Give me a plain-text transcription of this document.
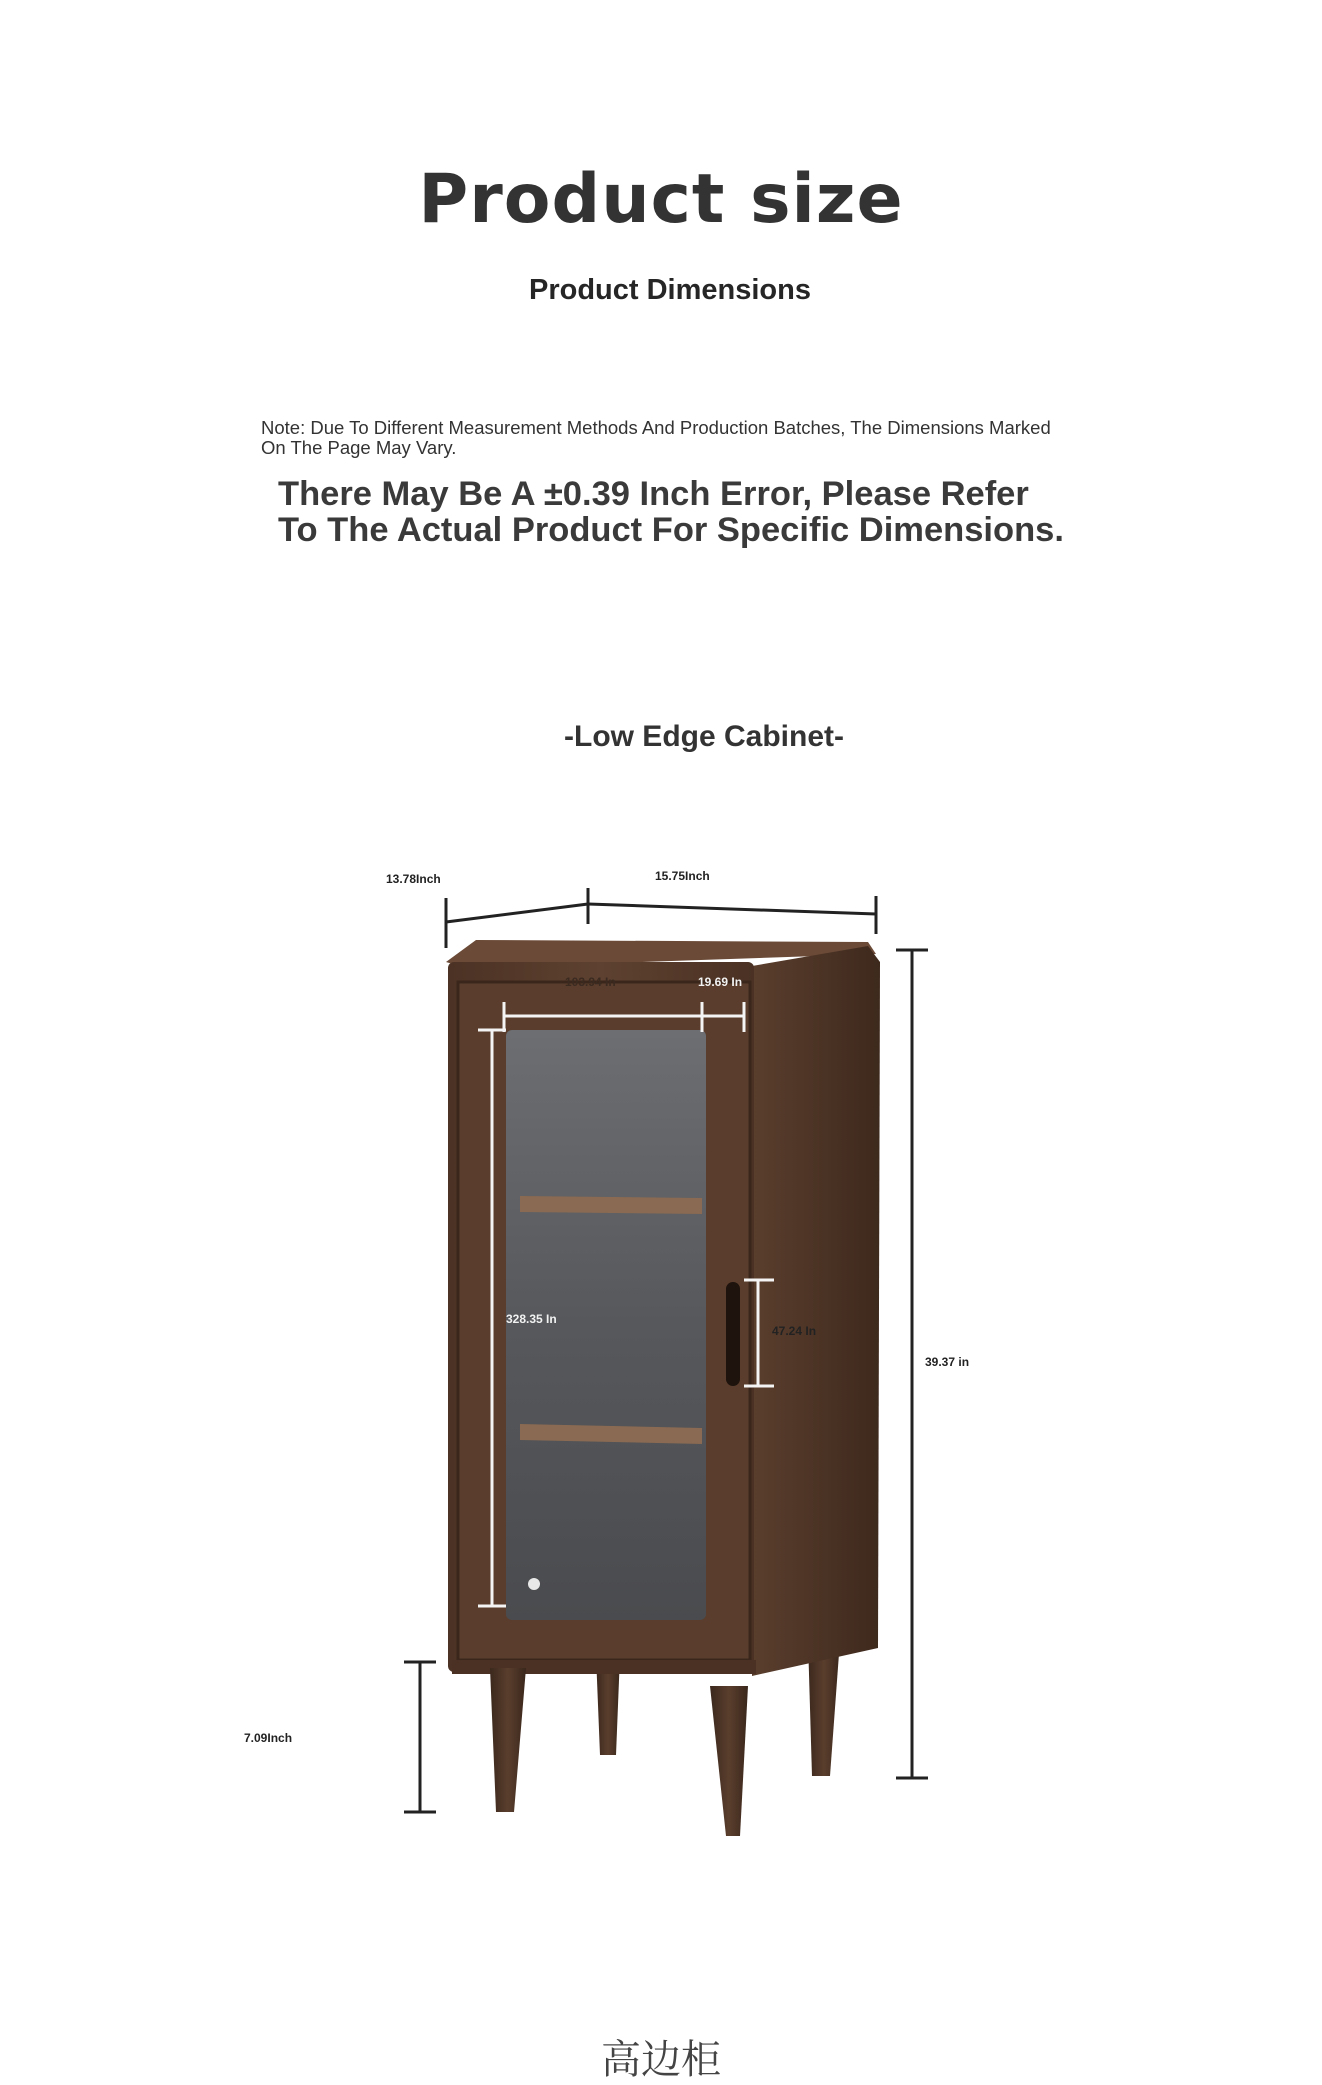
Product size
Product Dimensions
Note: Due To Different Measurement Methods And Production Batches, The Dimensions Marked On The Page May Vary.
There May Be A ±0.39 Inch Error, Please Refer
To The Actual Product For Specific Dimensions.
-Low Edge Cabinet-
13.78Inch	15.75Inch
103.94 In	19.69 In
328.35 In
47.24 In
39.37 in
7.09Inch
高边柜
